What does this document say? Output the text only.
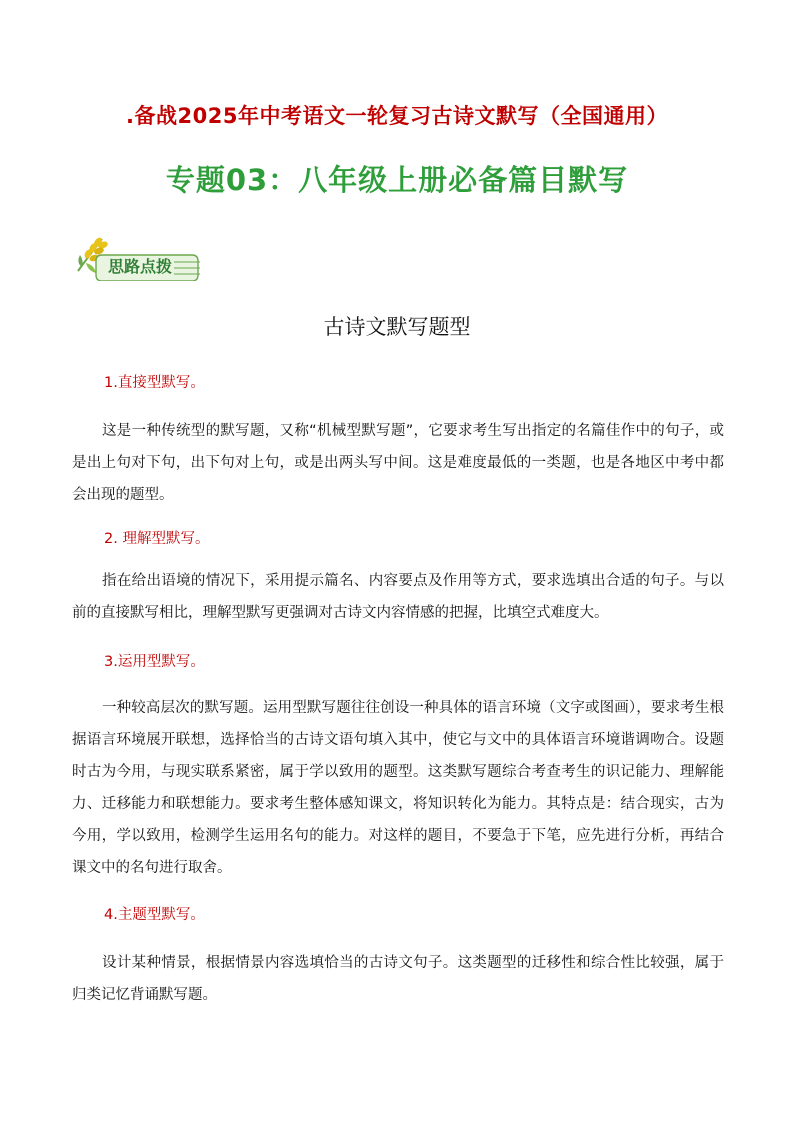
.备战2025年中考语文一轮复习古诗文默写（全国通用）
专题03：八年级上册必备篇目默写
思路点拨
古诗文默写题型
1.直接型默写。
这是一种传统型的默写题，又称“机械型默写题”，它要求考生写出指定的名篇佳作中的句子，或是出上句对下句，出下句对上句，或是出两头写中间。这是难度最低的一类题，也是各地区中考中都会出现的题型。
2. 理解型默写。
指在给出语境的情况下，采用提示篇名、内容要点及作用等方式，要求选填出合适的句子。与以前的直接默写相比，理解型默写更强调对古诗文内容情感的把握，比填空式难度大。
3.运用型默写。
一种较高层次的默写题。运用型默写题往往创设一种具体的语言环境（文字或图画），要求考生根据语言环境展开联想，选择恰当的古诗文语句填入其中，使它与文中的具体语言环境谐调吻合。设题时古为今用，与现实联系紧密，属于学以致用的题型。这类默写题综合考查考生的识记能力、理解能力、迁移能力和联想能力。要求考生整体感知课文，将知识转化为能力。其特点是：结合现实，古为今用，学以致用，检测学生运用名句的能力。对这样的题目，不要急于下笔，应先进行分析，再结合课文中的名句进行取舍。
4.主题型默写。
设计某种情景，根据情景内容选填恰当的古诗文句子。这类题型的迁移性和综合性比较强，属于归类记忆背诵默写题。
